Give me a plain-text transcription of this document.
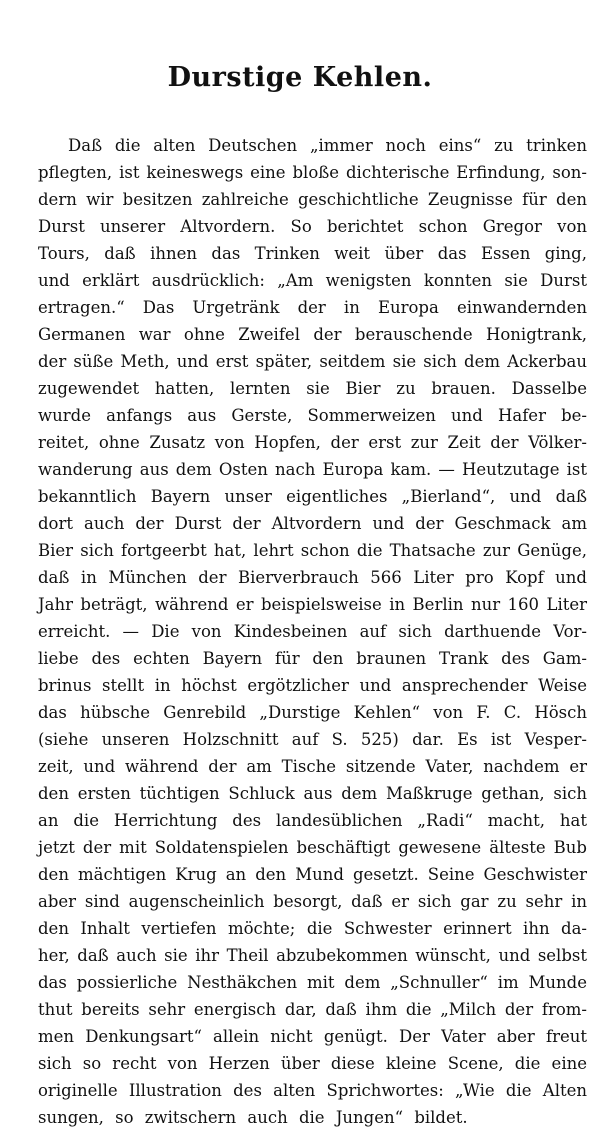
Durstige Kehlen.
Daß die alten Deutschen „immer noch eins“ zu trinken
pflegten, ist keineswegs eine bloße dichterische Erfindung, son-
dern wir besitzen zahlreiche geschichtliche Zeugnisse für den
Durst unserer Altvordern. So berichtet schon Gregor von
Tours, daß ihnen das Trinken weit über das Essen ging,
und erklärt ausdrücklich: „Am wenigsten konnten sie Durst
ertragen.“ Das Urgetränk der in Europa einwandernden
Germanen war ohne Zweifel der berauschende Honigtrank,
der süße Meth, und erst später, seitdem sie sich dem Ackerbau
zugewendet hatten, lernten sie Bier zu brauen. Dasselbe
wurde anfangs aus Gerste, Sommerweizen und Hafer be-
reitet, ohne Zusatz von Hopfen, der erst zur Zeit der Völker-
wanderung aus dem Osten nach Europa kam. — Heutzutage ist
bekanntlich Bayern unser eigentliches „Bierland“, und daß
dort auch der Durst der Altvordern und der Geschmack am
Bier sich fortgeerbt hat, lehrt schon die Thatsache zur Genüge,
daß in München der Bierverbrauch 566 Liter pro Kopf und
Jahr beträgt, während er beispielsweise in Berlin nur 160 Liter
erreicht. — Die von Kindesbeinen auf sich darthuende Vor-
liebe des echten Bayern für den braunen Trank des Gam-
brinus stellt in höchst ergötzlicher und ansprechender Weise
das hübsche Genrebild „Durstige Kehlen“ von F. C. Hösch
(siehe unseren Holzschnitt auf S. 525) dar. Es ist Vesper-
zeit, und während der am Tische sitzende Vater, nachdem er
den ersten tüchtigen Schluck aus dem Maßkruge gethan, sich
an die Herrichtung des landesüblichen „Radi“ macht, hat
jetzt der mit Soldatenspielen beschäftigt gewesene älteste Bub
den mächtigen Krug an den Mund gesetzt. Seine Geschwister
aber sind augenscheinlich besorgt, daß er sich gar zu sehr in
den Inhalt vertiefen möchte; die Schwester erinnert ihn da-
her, daß auch sie ihr Theil abzubekommen wünscht, und selbst
das possierliche Nesthäkchen mit dem „Schnuller“ im Munde
thut bereits sehr energisch dar, daß ihm die „Milch der from-
men Denkungsart“ allein nicht genügt. Der Vater aber freut
sich so recht von Herzen über diese kleine Scene, die eine
originelle Illustration des alten Sprichwortes: „Wie die Alten
sungen, so zwitschern auch die Jungen“ bildet.
